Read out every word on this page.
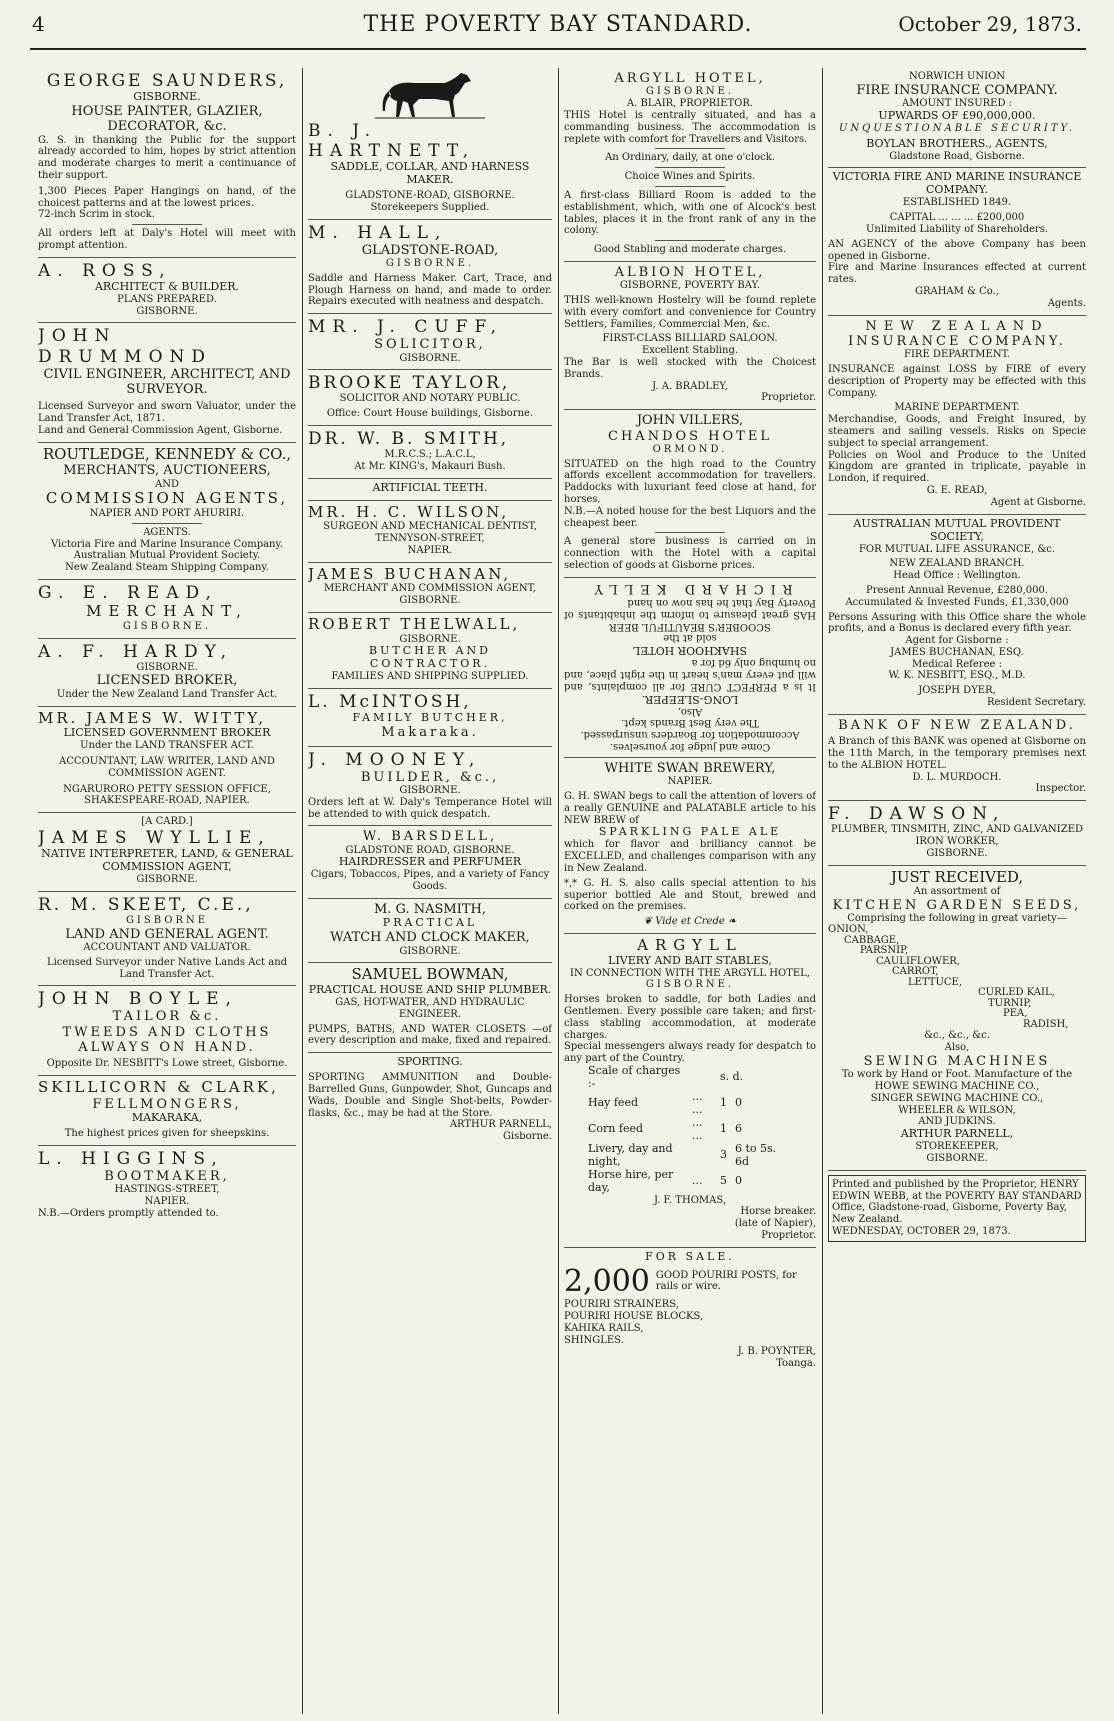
4	THE POVERTY BAY STANDARD.	October 29, 1873.
GEORGE SAUNDERS,
GISBORNE.
HOUSE PAINTER, GLAZIER, DECORATOR, &c.
G. S. in thanking the Public for the support already accorded to him, hopes by strict attention and moderate charges to merit a continuance of their support.
1,300 Pieces Paper Hangings on hand, of the choicest patterns and at the lowest prices.
72-inch Scrim in stock.
All orders left at Daly's Hotel will meet with prompt attention.
A. ROSS,
ARCHITECT & BUILDER.
PLANS PREPARED.
GISBORNE.
JOHN DRUMMOND
CIVIL ENGINEER, ARCHITECT, AND SURVEYOR.
Licensed Surveyor and sworn Valuator, under the Land Transfer Act, 1871.
Land and General Commission Agent, Gisborne.
ROUTLEDGE, KENNEDY & CO.,
MERCHANTS, AUCTIONEERS,
AND
COMMISSION AGENTS,
NAPIER AND PORT AHURIRI.
AGENTS.
Victoria Fire and Marine Insurance Company.
Australian Mutual Provident Society.
New Zealand Steam Shipping Company.
G. E. READ,
MERCHANT,
GISBORNE.
A. F. HARDY,
GISBORNE.
LICENSED BROKER,
Under the New Zealand Land Transfer Act.
MR. JAMES W. WITTY,
LICENSED GOVERNMENT BROKER
Under the LAND TRANSFER ACT.
ACCOUNTANT, LAW WRITER, LAND AND COMMISSION AGENT.
NGARURORO PETTY SESSION OFFICE,
SHAKESPEARE-ROAD, NAPIER.
[A CARD.]
JAMES WYLLIE,
NATIVE INTERPRETER, LAND, & GENERAL COMMISSION AGENT,
GISBORNE.
R. M. SKEET, C.E.,
GISBORNE
LAND AND GENERAL AGENT.
ACCOUNTANT AND VALUATOR.
Licensed Surveyor under Native Lands Act and Land Transfer Act.
JOHN BOYLE,
TAILOR &c.
TWEEDS AND CLOTHS ALWAYS ON HAND.
Opposite Dr. NESBITT's Lowe street, Gisborne.
SKILLICORN & CLARK,
FELLMONGERS,
MAKARAKA,
The highest prices given for sheepskins.
L. HIGGINS,
BOOTMAKER,
HASTINGS-STREET,
NAPIER.
N.B.—Orders promptly attended to.
B. J. HARTNETT,
SADDLE, COLLAR, AND HARNESS MAKER.
GLADSTONE-ROAD, GISBORNE.
Storekeepers Supplied.
M. HALL,
GLADSTONE-ROAD,
GISBORNE.
Saddle and Harness Maker. Cart, Trace, and Plough Harness on hand, and made to order. Repairs executed with neatness and despatch.
MR. J. CUFF,
SOLICITOR,
GISBORNE.
BROOKE TAYLOR,
SOLICITOR AND NOTARY PUBLIC.
Office: Court House buildings, Gisborne.
DR. W. B. SMITH,
M.R.C.S.; L.A.C.L,
At Mr. KING's, Makauri Bush.
ARTIFICIAL TEETH.
MR. H. C. WILSON,
SURGEON AND MECHANICAL DENTIST,
TENNYSON-STREET,
NAPIER.
JAMES BUCHANAN,
MERCHANT AND COMMISSION AGENT,
GISBORNE.
ROBERT THELWALL,
GISBORNE.
BUTCHER AND CONTRACTOR.
FAMILIES AND SHIPPING SUPPLIED.
L. McINTOSH,
FAMILY BUTCHER,
Makaraka.
J. MOONEY,
BUILDER, &c.,
GISBORNE.
Orders left at W. Daly's Temperance Hotel will be attended to with quick despatch.
W. BARSDELL,
GLADSTONE ROAD, GISBORNE.
HAIRDRESSER and PERFUMER
Cigars, Tobaccos, Pipes, and a variety of Fancy Goods.
M. G. NASMITH,
PRACTICAL
WATCH AND CLOCK MAKER,
GISBORNE.
SAMUEL BOWMAN,
PRACTICAL HOUSE AND SHIP PLUMBER.
GAS, HOT-WATER, AND HYDRAULIC ENGINEER.
PUMPS, BATHS, AND WATER CLOSETS —of every description and make, fixed and repaired.
SPORTING.
SPORTING AMMUNITION and Double-Barrelled Guns, Gunpowder, Shot, Guncaps and Wads, Double and Single Shot-belts, Powder-flasks, &c., may be had at the Store.
ARTHUR PARNELL,
Gisborne.
ARGYLL HOTEL,
GISBORNE.
A. BLAIR, PROPRIETOR.
THIS Hotel is centrally situated, and has a commanding business. The accommodation is replete with comfort for Travellers and Visitors.
An Ordinary, daily, at one o'clock.
Choice Wines and Spirits.
A first-class Billiard Room is added to the establishment, which, with one of Alcock's best tables, places it in the front rank of any in the colony.
Good Stabling and moderate charges.
ALBION HOTEL,
GISBORNE, POVERTY BAY.
THIS well-known Hostelry will be found replete with every comfort and convenience for Country Settlers, Families, Commercial Men, &c.
FIRST-CLASS BILLIARD SALOON.
Excellent Stabling.
The Bar is well stocked with the Choicest Brands.
J. A. BRADLEY,
Proprietor.
JOHN VILLERS,
CHANDOS HOTEL
ORMOND.
SITUATED on the high road to the Country affords excellent accommodation for travellers. Paddocks with luxuriant feed close at hand, for horses.
N.B.—A noted house for the best Liquors and the cheapest beer.
A general store business is carried on in connection with the Hotel with a capital selection of goods at Gisborne prices.
Come and judge for yourselves.
Accommodation for Boarders unsurpassed.
The very Best Brands kept.
Also,
LONG-SLEEPER.
It is a PERFECT CURE for all complaints, and will put every man's heart in the right place, and no humbug only 6d for a
SHAKHOOR HOTEL
sold at the
SCOOBER'S BEAUTIFUL BEER
HAS great pleasure to inform the inhabitants of Poverty Bay that he has now on hand
RICHARD KELLY
WHITE SWAN BREWERY,
NAPIER.
G. H. SWAN begs to call the attention of lovers of a really GENUINE and PALATABLE article to his NEW BREW of
SPARKLING PALE ALE
which for flavor and brilliancy cannot be EXCELLED, and challenges comparison with any in New Zealand.
*,* G. H. S. also calls special attention to his superior bottled Ale and Stout, brewed and corked on the premises.
❦ Vide et Crede ❧
ARGYLL
LIVERY AND BAIT STABLES,
IN CONNECTION WITH THE ARGYLL HOTEL,
GISBORNE.
Horses broken to saddle, for both Ladies and Gentlemen. Every possible care taken; and first-class stabling accommodation, at moderate charges.
Special messengers always ready for despatch to any part of the Country.
Scale of charges :-		s. d.	
Hay feed	... ...	1	0
Corn feed	... ...	1	6
Livery, day and night,		3	6 to 5s. 6d
Horse hire, per day,	...	5	0
J. F. THOMAS,
Horse breaker.
(late of Napier),
Proprietor.
FOR SALE.
2,000 GOOD POURIRI POSTS, for rails or wire.
POURIRI STRAINERS,
POURIRI HOUSE BLOCKS,
KAHIKA RAILS,
SHINGLES.
J. B. POYNTER,
Toanga.
NORWICH UNION
FIRE INSURANCE COMPANY.
AMOUNT INSURED :
UPWARDS OF £90,000,000.
UNQUESTIONABLE SECURITY.
BOYLAN BROTHERS., AGENTS,
Gladstone Road, Gisborne.
VICTORIA FIRE AND MARINE INSURANCE COMPANY.
ESTABLISHED 1849.
CAPITAL ... ... ... £200,000
Unlimited Liability of Shareholders.
AN AGENCY of the above Company has been opened in Gisborne.
Fire and Marine Insurances effected at current rates.
GRAHAM & Co.,
Agents.
NEW ZEALAND
INSURANCE COMPANY.
FIRE DEPARTMENT.
INSURANCE against LOSS by FIRE of every description of Property may be effected with this Company.
MARINE DEPARTMENT.
Merchandise, Goods, and Freight Insured, by steamers and sailing vessels. Risks on Specie subject to special arrangement.
Policies on Wool and Produce to the United Kingdom are granted in triplicate, payable in London, if required.
G. E. READ,
Agent at Gisborne.
AUSTRALIAN MUTUAL PROVIDENT SOCIETY,
FOR MUTUAL LIFE ASSURANCE, &c.
NEW ZEALAND BRANCH.
Head Office : Wellington.
Present Annual Revenue, £280,000.
Accumulated & Invested Funds, £1,330,000
Persons Assuring with this Office share the whole profits, and a Bonus is declared every fifth year.
Agent for Gisborne :
JAMES BUCHANAN, ESQ.
Medical Referee :
W. K. NESBITT, ESQ., M.D.
JOSEPH DYER,
Resident Secretary.
BANK OF NEW ZEALAND.
A Branch of this BANK was opened at Gisborne on the 11th March, in the temporary premises next to the ALBION HOTEL.
D. L. MURDOCH.
Inspector.
F. DAWSON,
PLUMBER, TINSMITH, ZINC, AND GALVANIZED IRON WORKER,
GISBORNE.
JUST RECEIVED,
An assortment of
KITCHEN GARDEN SEEDS,
Comprising the following in great variety—
ONION,
CABBAGE,
PARSNIP,
CAULIFLOWER,
CARROT,
LETTUCE,
CURLED KAIL,
TURNIP,
PEA,
RADISH,
&c., &c., &c.
Also,
SEWING MACHINES
To work by Hand or Foot. Manufacture of the
HOWE SEWING MACHINE CO.,
SINGER SEWING MACHINE CO.,
WHEELER & WILSON,
AND JUDKINS.
ARTHUR PARNELL,
STOREKEEPER,
GISBORNE.
Printed and published by the Proprietor, HENRY EDWIN WEBB, at the POVERTY BAY STANDARD Office, Gladstone-road, Gisborne, Poverty Bay, New Zealand.
WEDNESDAY, OCTOBER 29, 1873.
